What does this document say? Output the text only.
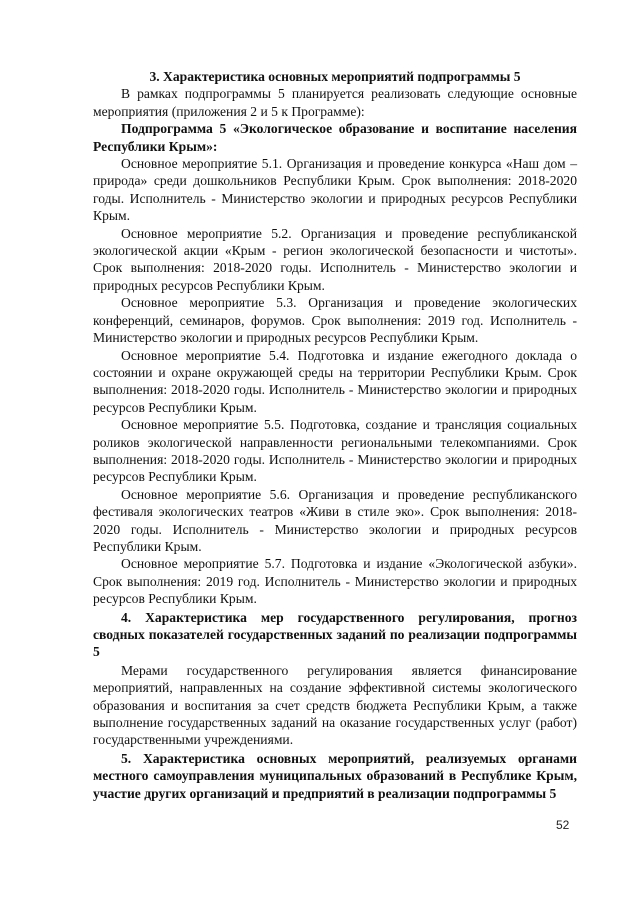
3. Характеристика основных мероприятий подпрограммы 5

В рамках подпрограммы 5 планируется реализовать следующие основные мероприятия (приложения 2 и 5 к Программе):

Подпрограмма 5 «Экологическое образование и воспитание населения Республики Крым»:

Основное мероприятие 5.1. Организация и проведение конкурса «Наш дом – природа» среди дошкольников Республики Крым. Срок выполнения: 2018-2020 годы. Исполнитель - Министерство экологии и природных ресурсов Республики Крым.

Основное мероприятие 5.2. Организация и проведение республиканской экологической акции «Крым - регион экологической безопасности и чистоты». Срок выполнения: 2018-2020 годы. Исполнитель - Министерство экологии и природных ресурсов Республики Крым.

Основное мероприятие 5.3. Организация и проведение экологических конференций, семинаров, форумов. Срок выполнения: 2019 год. Исполнитель - Министерство экологии и природных ресурсов Республики Крым.

Основное мероприятие 5.4. Подготовка и издание ежегодного доклада о состоянии и охране окружающей среды на территории Республики Крым. Срок выполнения: 2018-2020 годы. Исполнитель - Министерство экологии и природных ресурсов Республики Крым.

Основное мероприятие 5.5. Подготовка, создание и трансляция социальных роликов экологической направленности региональными телекомпаниями. Срок выполнения: 2018-2020 годы. Исполнитель - Министерство экологии и природных ресурсов Республики Крым.

Основное мероприятие 5.6. Организация и проведение республиканского фестиваля экологических театров «Живи в стиле эко». Срок выполнения: 2018-2020 годы. Исполнитель - Министерство экологии и природных ресурсов Республики Крым.

Основное мероприятие 5.7. Подготовка и издание «Экологической азбуки». Срок выполнения: 2019 год. Исполнитель - Министерство экологии и природных ресурсов Республики Крым.

4. Характеристика мер государственного регулирования, прогноз сводных показателей государственных заданий по реализации подпрограммы 5

Мерами государственного регулирования является финансирование мероприятий, направленных на создание эффективной системы экологического образования и воспитания за счет средств бюджета Республики Крым, а также выполнение государственных заданий на оказание государственных услуг (работ) государственными учреждениями.

5. Характеристика основных мероприятий, реализуемых органами местного самоуправления муниципальных образований в Республике Крым, участие других организаций и предприятий в реализации подпрограммы 5

52
